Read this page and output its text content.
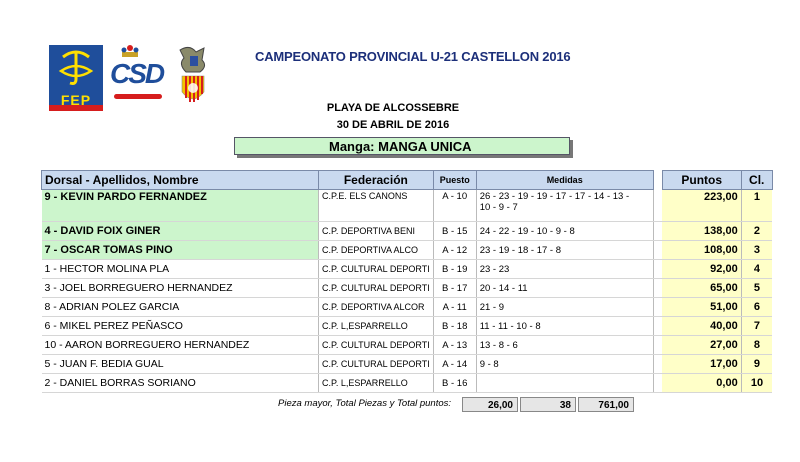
FEP
CSD
CAMPEONATO PROVINCIAL U-21 CASTELLON 2016
PLAYA DE ALCOSSEBRE
30 DE ABRIL DE 2016
Manga: MANGA UNICA
Dorsal - Apellidos, Nombre	Federación	Puesto	Medidas		Puntos	Cl.
9 - KEVIN PARDO FERNANDEZ	C.P.E. ELS CANONS	A - 10	26 - 23 - 19 - 19 - 17 - 17 - 14 - 13 -
10 - 9 - 7		223,00	1
4 - DAVID FOIX GINER	C.P. DEPORTIVA BENI	B - 15	24 - 22 - 19 - 10 - 9 - 8		138,00	2
7 - OSCAR TOMAS PINO	C.P. DEPORTIVA ALCO	A - 12	23 - 19 - 18 - 17 - 8		108,00	3
1 - HECTOR MOLINA PLA	C.P. CULTURAL DEPORTI	B - 19	23 - 23		92,00	4
3 - JOEL BORREGUERO HERNANDEZ	C.P. CULTURAL DEPORTI	B - 17	20 - 14 - 11		65,00	5
8 - ADRIAN POLEZ GARCIA	C.P. DEPORTIVA ALCOR	A - 11	21 - 9		51,00	6
6 - MIKEL PEREZ PEÑASCO	C.P. L,ESPARRELLO	B - 18	11 - 11 - 10 - 8		40,00	7
10 - AARON BORREGUERO HERNANDEZ	C.P. CULTURAL DEPORTI	A - 13	13 - 8 - 6		27,00	8
5 - JUAN F. BEDIA GUAL	C.P. CULTURAL DEPORTI	A - 14	9 - 8		17,00	9
2 - DANIEL BORRAS SORIANO	C.P. L,ESPARRELLO	B - 16			0,00	10
Pieza mayor, Total Piezas y Total puntos:	26,00	38	761,00
